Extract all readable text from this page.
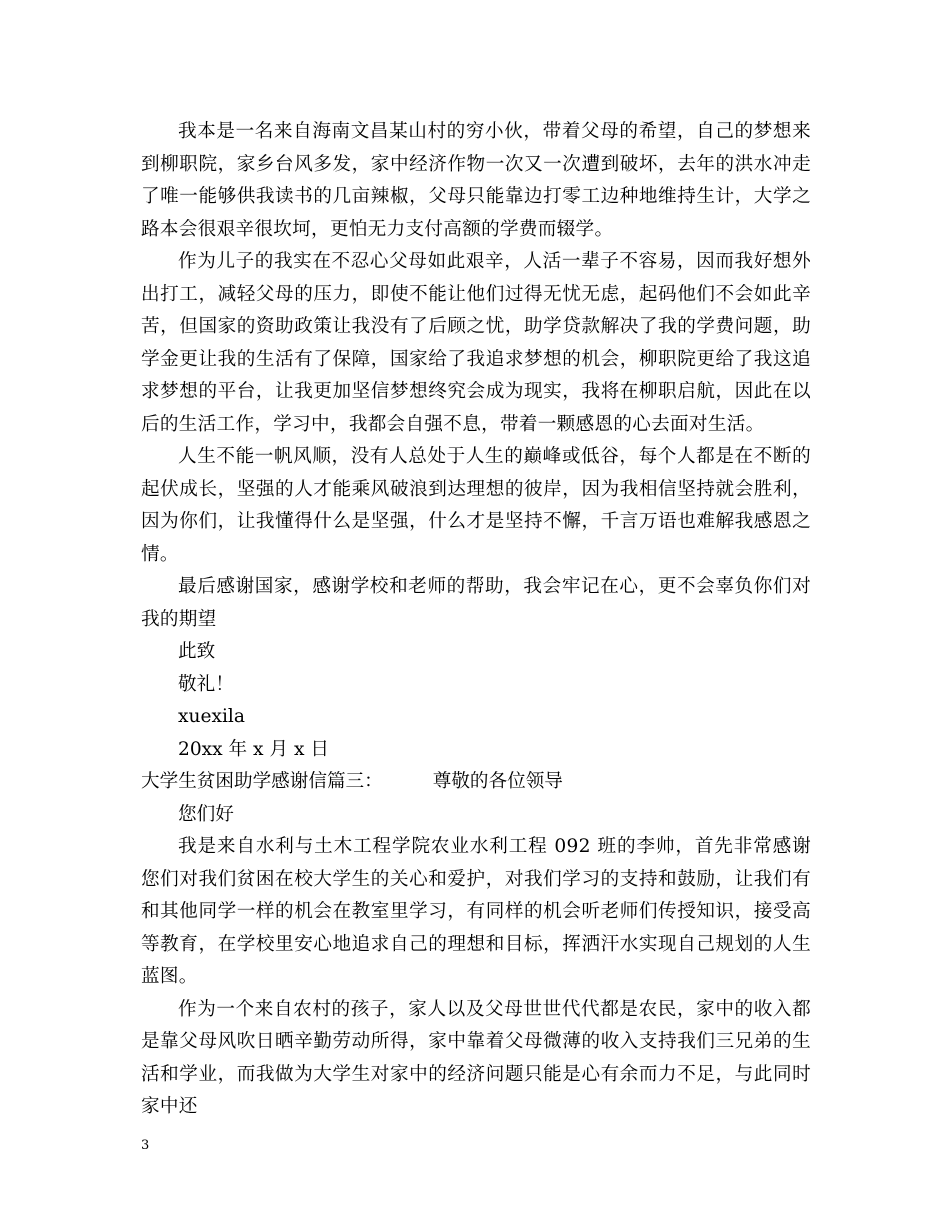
我本是一名来自海南文昌某山村的穷小伙，带着父母的希望，自己的梦想来到柳职院，家乡台风多发，家中经济作物一次又一次遭到破坏，去年的洪水冲走了唯一能够供我读书的几亩辣椒，父母只能靠边打零工边种地维持生计，大学之路本会很艰辛很坎坷，更怕无力支付高额的学费而辍学。

作为儿子的我实在不忍心父母如此艰辛，人活一辈子不容易，因而我好想外出打工，减轻父母的压力，即使不能让他们过得无忧无虑，起码他们不会如此辛苦，但国家的资助政策让我没有了后顾之忧，助学贷款解决了我的学费问题，助学金更让我的生活有了保障，国家给了我追求梦想的机会，柳职院更给了我这追求梦想的平台，让我更加坚信梦想终究会成为现实，我将在柳职启航，因此在以后的生活工作，学习中，我都会自强不息，带着一颗感恩的心去面对生活。

人生不能一帆风顺，没有人总处于人生的巅峰或低谷，每个人都是在不断的起伏成长，坚强的人才能乘风破浪到达理想的彼岸，因为我相信坚持就会胜利，因为你们，让我懂得什么是坚强，什么才是坚持不懈，千言万语也难解我感恩之情。

最后感谢国家，感谢学校和老师的帮助，我会牢记在心，更不会辜负你们对我的期望

此致

敬礼！

xuexila

20xx 年 x 月 x 日

大学生贫困助学感谢信篇三：	尊敬的各位领导

您们好

我是来自水利与土木工程学院农业水利工程 092 班的李帅，首先非常感谢您们对我们贫困在校大学生的关心和爱护，对我们学习的支持和鼓励，让我们有和其他同学一样的机会在教室里学习，有同样的机会听老师们传授知识，接受高等教育，在学校里安心地追求自己的理想和目标，挥洒汗水实现自己规划的人生蓝图。

作为一个来自农村的孩子，家人以及父母世世代代都是农民，家中的收入都是靠父母风吹日晒辛勤劳动所得，家中靠着父母微薄的收入支持我们三兄弟的生活和学业，而我做为大学生对家中的经济问题只能是心有余而力不足，与此同时家中还

3
